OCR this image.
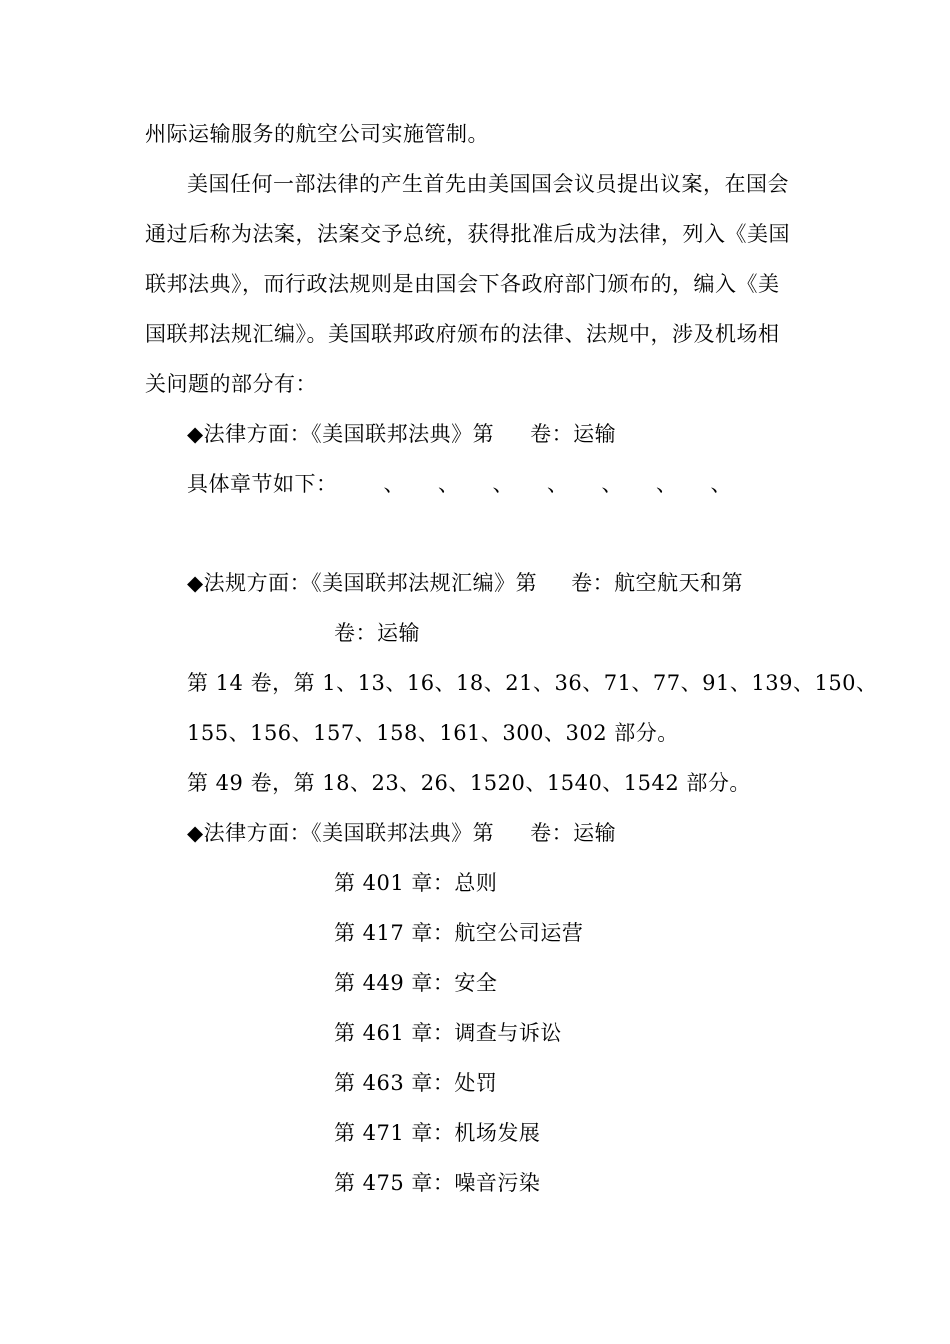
州际运输服务的航空公司实施管制。
美国任何一部法律的产生首先由美国国会议员提出议案，在国会
通过后称为法案，法案交予总统，获得批准后成为法律，列入《美国
联邦法典》，而行政法规则是由国会下各政府部门颁布的，编入《美
国联邦法规汇编》。美国联邦政府颁布的法律、法规中，涉及机场相
关问题的部分有：
◆法律方面：《美国联邦法典》第 卷：运输
具体章节如下： 、 、 、 、 、 、 、
◆法规方面：《美国联邦法规汇编》第 卷：航空航天和第
卷：运输
第 14 卷，第 1、13、16、18、21、36、71、77、91、139、150、
155、156、157、158、161、300、302 部分。
第 49 卷，第 18、23、26、1520、1540、1542 部分。
◆法律方面：《美国联邦法典》第 卷：运输
第 401 章：总则
第 417 章：航空公司运营
第 449 章：安全
第 461 章：调查与诉讼
第 463 章：处罚
第 471 章：机场发展
第 475 章：噪音污染
